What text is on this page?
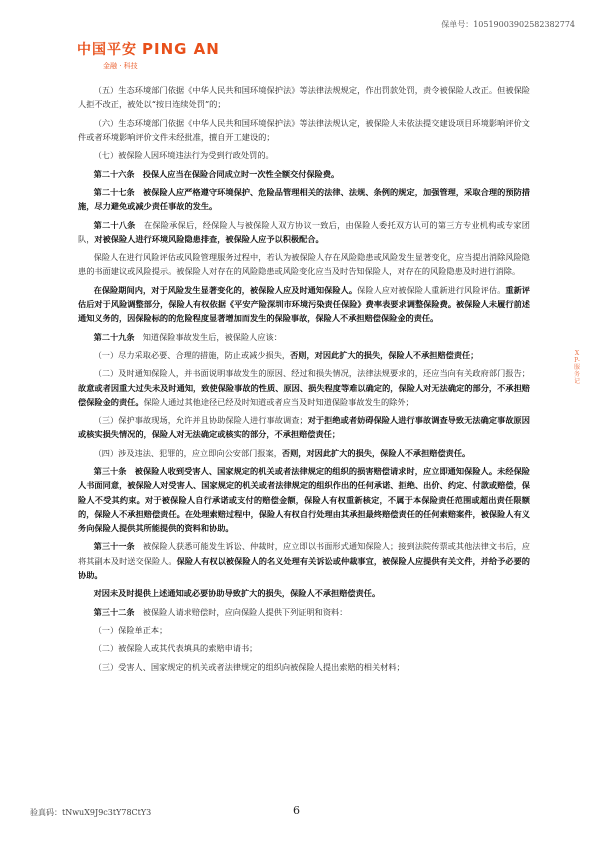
保单号：10519003902582382774
中国平安 PING AN
金融 · 科技

（五）生态环境部门依据《中华人民共和国环境保护法》等法律法规规定，作出罚款处罚，责令被保险人改正。但被保险人拒不改正，被处以“按日连续处罚”的；

（六）生态环境部门依据《中华人民共和国环境保护法》等法律法规认定，被保险人未依法提交建设项目环境影响评价文件或者环境影响评价文件未经批准，擅自开工建设的；

（七）被保险人因环境违法行为受到行政处罚的。

第二十六条　投保人应当在保险合同成立时一次性全额交付保险费。

第二十七条　被保险人应严格遵守环境保护、危险品管理相关的法律、法规、条例的规定，加强管理，采取合理的预防措施，尽力避免或减少责任事故的发生。

第二十八条　在保险承保后，经保险人与被保险人双方协议一致后，由保险人委托双方认可的第三方专业机构或专家团队，对被保险人进行环境风险隐患排查，被保险人应予以积极配合。

保险人在进行风险评估或风险管理服务过程中，若认为被保险人存在风险隐患或风险发生显著变化，应当提出消除风险隐患的书面建议或风险提示。被保险人对存在的风险隐患或风险变化应当及时告知保险人，对存在的风险隐患及时进行消除。

在保险期间内，对于风险发生显著变化的，被保险人应及时通知保险人。保险人应对被保险人重新进行风险评估。重新评估后对于风险调整部分，保险人有权依据《平安产险深圳市环境污染责任保险》费率表要求调整保险费。被保险人未履行前述通知义务的，因保险标的的危险程度显著增加而发生的保险事故，保险人不承担赔偿保险金的责任。

第二十九条　知道保险事故发生后，被保险人应该：

（一）尽力采取必要、合理的措施，防止或减少损失，否则，对因此扩大的损失，保险人不承担赔偿责任；

（二）及时通知保险人，并书面说明事故发生的原因、经过和损失情况，法律法规要求的，还应当向有关政府部门报告；故意或者因重大过失未及时通知，致使保险事故的性质、原因、损失程度等难以确定的，保险人对无法确定的部分，不承担赔偿保险金的责任。保险人通过其他途径已经及时知道或者应当及时知道保险事故发生的除外；

（三）保护事故现场，允许并且协助保险人进行事故调查；对于拒绝或者妨碍保险人进行事故调查导致无法确定事故原因或核实损失情况的，保险人对无法确定或核实的部分，不承担赔偿责任；

（四）涉及违法、犯罪的，应立即向公安部门报案，否则，对因此扩大的损失，保险人不承担赔偿责任。

第三十条　被保险人收到受害人、国家规定的机关或者法律规定的组织的损害赔偿请求时，应立即通知保险人。未经保险人书面同意，被保险人对受害人、国家规定的机关或者法律规定的组织作出的任何承诺、拒绝、出价、约定、付款或赔偿，保险人不受其约束。对于被保险人自行承诺或支付的赔偿金额，保险人有权重新核定，不属于本保险责任范围或超出责任限额的，保险人不承担赔偿责任。在处理索赔过程中，保险人有权自行处理由其承担最终赔偿责任的任何索赔案件，被保险人有义务向保险人提供其所能提供的资料和协助。

第三十一条　被保险人获悉可能发生诉讼、仲裁时，应立即以书面形式通知保险人；接到法院传票或其他法律文书后，应将其副本及时送交保险人。保险人有权以被保险人的名义处理有关诉讼或仲裁事宜，被保险人应提供有关文件，并给予必要的协助。

对因未及时提供上述通知或必要协助导致扩大的损失，保险人不承担赔偿责任。

第三十二条　被保险人请求赔偿时，应向保险人提供下列证明和资料：

（一）保险单正本；

（二）被保险人或其代表填具的索赔申请书；

（三）受害人、国家规定的机关或者法律规定的组织向被保险人提出索赔的相关材料；

XP-服务记
验真码：tNwuX9J9c3tY78CtY3	6
